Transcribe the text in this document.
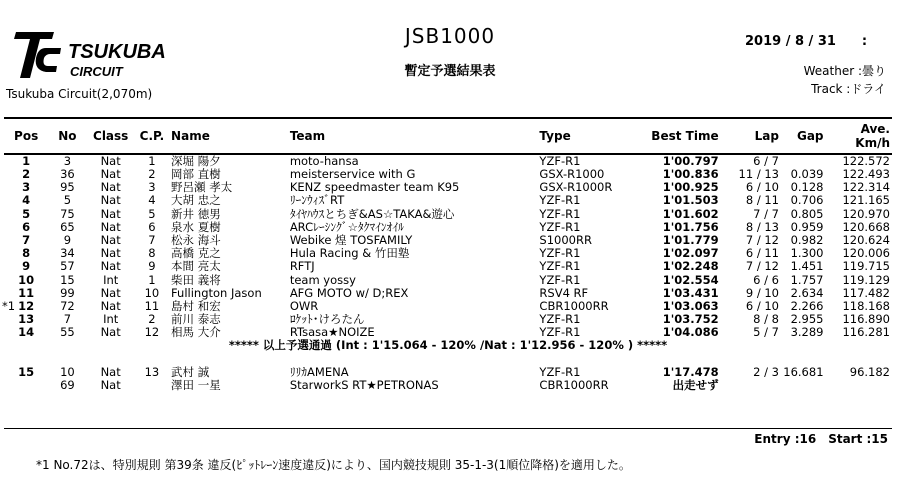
TSUKUBA
CIRCUIT
Tsukuba Circuit(2,070m)
JSB1000
暫定予選結果表
2019 / 8 / 31　　:
Weather :曇り
Track :ドライ
Pos	No	Class	C.P.	Name	Team	Type	Best Time	Lap	Gap	Ave.
Km/h

1	3	Nat	1	深堀 陽夕	moto-hansa	YZF-R1	1'00.797	6 / 7		122.572

2	36	Nat	2	岡部 直樹	meisterservice with G	GSX-R1000	1'00.836	11 / 13	0.039	122.493

3	95	Nat	3	野呂瀬 孝太	KENZ speedmaster team K95	GSX-R1000R	1'00.925	6 / 10	0.128	122.314

4	5	Nat	4	大胡 忠之	ﾘｰﾝｳｨｽﾞRT	YZF-R1	1'01.503	8 / 11	0.706	121.165

5	75	Nat	5	新井 徳男	ﾀｲﾔﾊｳｽとちぎ&AS☆TAKA&遊心	YZF-R1	1'01.602	7 / 7	0.805	120.970

6	65	Nat	6	泉水 夏樹	ARCﾚｰｼﾝｸﾞ☆ﾀｸﾏｲﾝｵｲﾙ	YZF-R1	1'01.756	8 / 13	0.959	120.668

7	9	Nat	7	松永 海斗	Webike 煌 TOSFAMILY	S1000RR	1'01.779	7 / 12	0.982	120.624

8	34	Nat	8	高橋 克之	Hula Racing & 竹田塾	YZF-R1	1'02.097	6 / 11	1.300	120.006

9	57	Nat	9	本間 亮太	RFTJ	YZF-R1	1'02.248	7 / 12	1.451	119.715

10	15	Int	1	柴田 義将	team yossy	YZF-R1	1'02.554	6 / 6	1.757	119.129

11	99	Nat	10	Fullington Jason	AFG MOTO w/ D;REX	RSV4 RF	1'03.431	9 / 10	2.634	117.482

*1 12	72	Nat	11	島村 和宏	OWR	CBR1000RR	1'03.063	6 / 10	2.266	118.168

13	7	Int	2	前川 泰志	ﾛｹｯﾄ･けろたん	YZF-R1	1'03.752	8 / 8	2.955	116.890

14	55	Nat	12	相馬 大介	RTsasa★NOIZE	YZF-R1	1'04.086	5 / 7	3.289	116.281
***** 以上予選通過 (Int : 1'15.064 - 120% /Nat : 1'12.956 - 120% ) *****										

15	10	Nat	13	武村 誠	ﾘﾘｶAMENA	YZF-R1	1'17.478	2 / 3	16.681	96.182

	69	Nat		澤田 一星	StarworkS RT★PETRONAS	CBR1000RR	出走せず			
Entry :16　Start :15
*1 No.72は、特別規則 第39条 違反(ﾋﾟｯﾄﾚｰﾝ速度違反)により、国内競技規則 35-1-3(1順位降格)を適用した。
